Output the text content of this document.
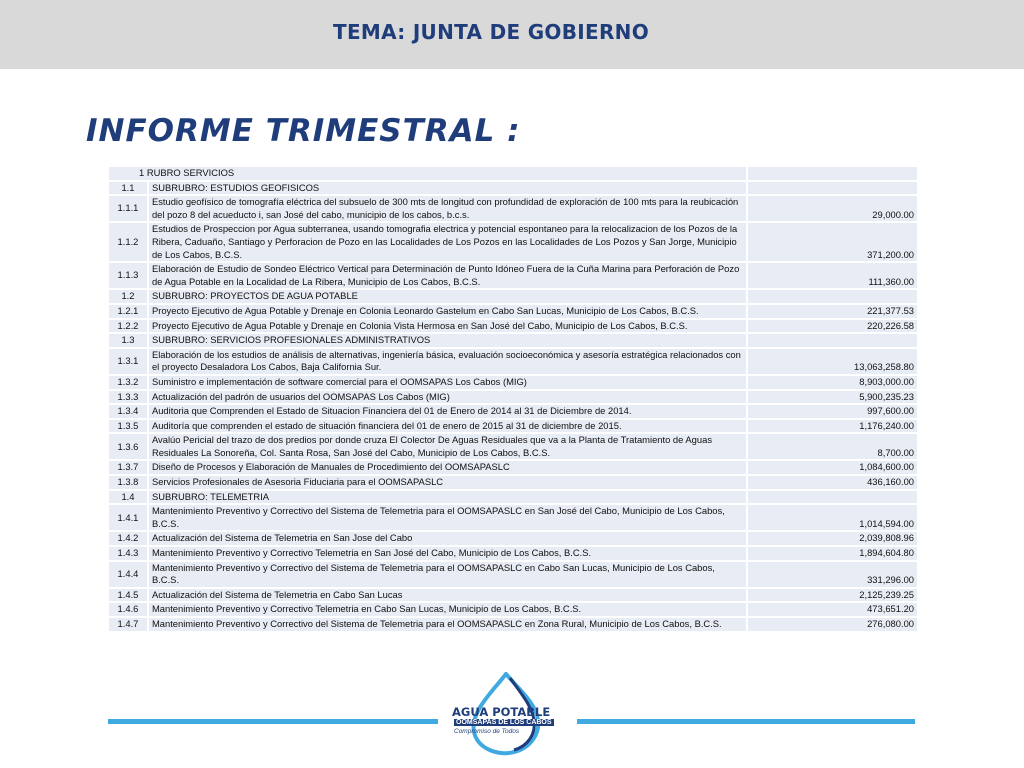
TEMA: JUNTA DE GOBIERNO
INFORME TRIMESTRAL :
1 RUBRO SERVICIOS		
1.1	SUBRUBRO: ESTUDIOS GEOFISICOS	
1.1.1	Estudio geofísico de tomografía eléctrica del subsuelo de 300 mts de longitud con profundidad de exploración de 100 mts para la reubicación del pozo 8 del acueducto i, san José del cabo, municipio de los cabos, b.c.s.	29,000.00
1.1.2	Estudios de Prospeccion por Agua subterranea, usando tomografia electrica y potencial espontaneo para la relocalizacion de los Pozos de la Ribera, Caduaño, Santiago y Perforacion de Pozo en las Localidades de Los Pozos en las Localidades de Los Pozos y San Jorge, Municipio de Los Cabos, B.C.S.	371,200.00
1.1.3	Elaboración de Estudio de Sondeo Eléctrico Vertical para Determinación de Punto Idóneo Fuera de la Cuña Marina para Perforación de Pozo de Agua Potable en la Localidad de La Ribera, Municipio de Los Cabos, B.C.S.	111,360.00
1.2	SUBRUBRO: PROYECTOS DE AGUA POTABLE	
1.2.1	Proyecto Ejecutivo de Agua Potable y Drenaje en Colonia Leonardo Gastelum en Cabo San Lucas, Municipio de Los Cabos, B.C.S.	221,377.53
1.2.2	Proyecto Ejecutivo de Agua Potable y Drenaje en Colonia Vista Hermosa en San José del Cabo, Municipio de Los Cabos, B.C.S.	220,226.58
1.3	SUBRUBRO: SERVICIOS PROFESIONALES ADMINISTRATIVOS	
1.3.1	Elaboración de los estudios de análisis de alternativas, ingeniería básica, evaluación socioeconómica y asesoría estratégica relacionados con el proyecto Desaladora Los Cabos, Baja California Sur.	13,063,258.80
1.3.2	Suministro e implementación de software comercial para el OOMSAPAS Los Cabos (MIG)	8,903,000.00
1.3.3	Actualización del padrón de usuarios del OOMSAPAS Los Cabos (MIG)	5,900,235.23
1.3.4	Auditoria que Comprenden el Estado de Situacion Financiera del 01 de Enero de 2014 al 31 de Diciembre de 2014.	997,600.00
1.3.5	Auditoría que comprenden el estado de situación financiera del 01 de enero de 2015 al 31 de diciembre de 2015.	1,176,240.00
1.3.6	Avalúo Pericial del trazo de dos predios por donde cruza El Colector De Aguas Residuales que va a la Planta de Tratamiento de Aguas Residuales La Sonoreña, Col. Santa Rosa, San José del Cabo, Municipio de Los Cabos, B.C.S.	8,700.00
1.3.7	Diseño de Procesos y Elaboración de Manuales de Procedimiento del OOMSAPASLC	1,084,600.00
1.3.8	Servicios Profesionales de Asesoria Fiduciaria para el OOMSAPASLC	436,160.00
1.4	SUBRUBRO: TELEMETRIA	
1.4.1	Mantenimiento Preventivo y Correctivo del Sistema de Telemetria para el OOMSAPASLC en San José del Cabo, Municipio de Los Cabos, B.C.S.	1,014,594.00
1.4.2	Actualización del Sistema de Telemetria en San Jose del Cabo	2,039,808.96
1.4.3	Mantenimiento Preventivo y Correctivo Telemetria en San José del Cabo, Municipio de Los Cabos, B.C.S.	1,894,604.80
1.4.4	Mantenimiento Preventivo y Correctivo del Sistema de Telemetria para el OOMSAPASLC en Cabo San Lucas, Municipio de Los Cabos, B.C.S.	331,296.00
1.4.5	Actualización del Sistema de Telemetria en Cabo San Lucas	2,125,239.25
1.4.6	Mantenimiento Preventivo y Correctivo Telemetria en Cabo San Lucas, Municipio de Los Cabos, B.C.S.	473,651.20
1.4.7	Mantenimiento Preventivo y Correctivo del Sistema de Telemetria para el OOMSAPASLC en Zona Rural, Municipio de Los Cabos, B.C.S.	276,080.00
AGUA POTABLE
OOMSAPAS DE LOS CABOS
Compromiso de Todos
